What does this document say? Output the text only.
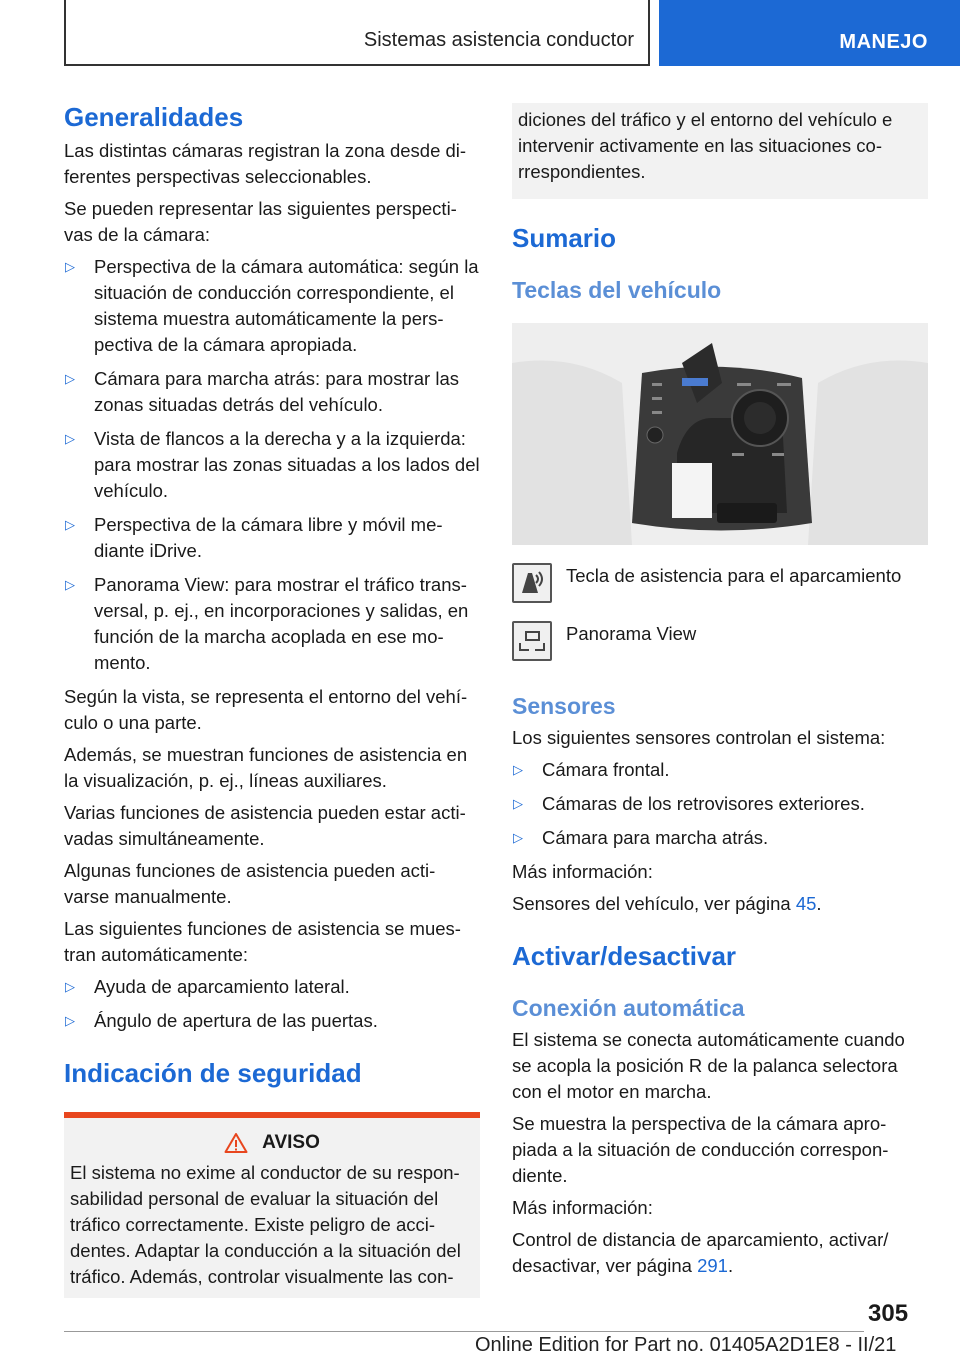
Sistemas asistencia conductor	MANEJO
Generalidades
Las distintas cámaras registran la zona desde di-ferentes perspectivas seleccionables.
Se pueden representar las siguientes perspecti-vas de la cámara:
▷ Perspectiva de la cámara automática: según la situación de conducción correspondiente, el sistema muestra automáticamente la pers-pectiva de la cámara apropiada.
▷ Cámara para marcha atrás: para mostrar las zonas situadas detrás del vehículo.
▷ Vista de flancos a la derecha y a la izquierda: para mostrar las zonas situadas a los lados del vehículo.
▷ Perspectiva de la cámara libre y móvil me-diante iDrive.
▷ Panorama View: para mostrar el tráfico trans-versal, p. ej., en incorporaciones y salidas, en función de la marcha acoplada en ese mo-mento.
Según la vista, se representa el entorno del vehí-culo o una parte.
Además, se muestran funciones de asistencia en la visualización, p. ej., líneas auxiliares.
Varias funciones de asistencia pueden estar acti-vadas simultáneamente.
Algunas funciones de asistencia pueden acti-varse manualmente.
Las siguientes funciones de asistencia se mues-tran automáticamente:
▷ Ayuda de aparcamiento lateral.
▷ Ángulo de apertura de las puertas.
Indicación de seguridad
AVISO
El sistema no exime al conductor de su respon-sabilidad personal de evaluar la situación del tráfico correctamente. Existe peligro de acci-dentes. Adaptar la conducción a la situación del tráfico. Además, controlar visualmente las con-
diciones del tráfico y el entorno del vehículo e intervenir activamente en las situaciones co-rrespondientes.
Sumario
Teclas del vehículo
Tecla de asistencia para el aparcamiento
Panorama View
Sensores
Los siguientes sensores controlan el sistema:
▷ Cámara frontal.
▷ Cámaras de los retrovisores exteriores.
▷ Cámara para marcha atrás.
Más información:
Sensores del vehículo, ver página 45.
Activar/desactivar
Conexión automática
El sistema se conecta automáticamente cuando se acopla la posición R de la palanca selectora con el motor en marcha.
Se muestra la perspectiva de la cámara apro-piada a la situación de conducción correspon-diente.
Más información:
Control de distancia de aparcamiento, activar/ desactivar, ver página 291.
305
Online Edition for Part no. 01405A2D1E8 - II/21
